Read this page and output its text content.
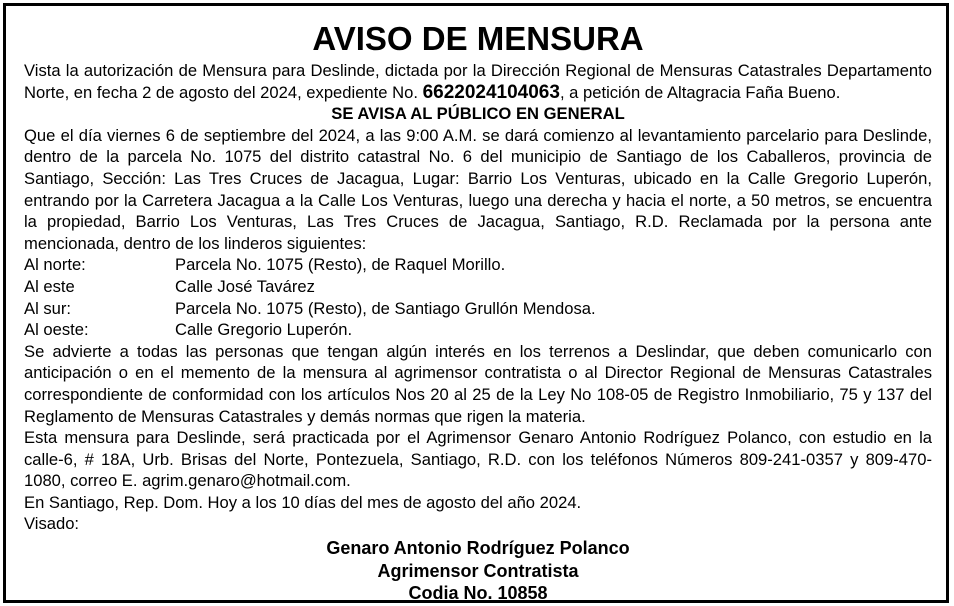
AVISO DE MENSURA

Vista la autorización de Mensura para Deslinde, dictada por la Dirección Regional de Mensuras Catastrales Departamento Norte, en fecha 2 de agosto del 2024, expediente No. 6622024104063, a petición de Altagracia Faña Bueno.

SE AVISA AL PÚBLICO EN GENERAL

Que el día viernes 6 de septiembre del 2024, a las 9:00 A.M. se dará comienzo al levantamiento parcelario para Deslinde, dentro de la parcela No. 1075 del distrito catastral No. 6 del municipio de Santiago de los Caballeros, provincia de Santiago, Sección: Las Tres Cruces de Jacagua, Lugar: Barrio Los Venturas, ubicado en la Calle Gregorio Luperón, entrando por la Carretera Jacagua a la Calle Los Venturas, luego una derecha y hacia el norte, a 50 metros, se encuentra la propiedad, Barrio Los Venturas, Las Tres Cruces de Jacagua, Santiago, R.D. Reclamada por la persona ante mencionada, dentro de los linderos siguientes:

Al norte:	Parcela No. 1075 (Resto), de Raquel Morillo.
Al este	Calle José Tavárez
Al sur:	Parcela No. 1075 (Resto), de Santiago Grullón Mendosa.
Al oeste:	Calle Gregorio Luperón.

Se advierte a todas las personas que tengan algún interés en los terrenos a Deslindar, que deben comunicarlo con anticipación o en el memento de la mensura al agrimensor contratista o al Director Regional de Mensuras Catastrales correspondiente de conformidad con los artículos Nos 20 al 25 de la Ley No 108-05 de Registro Inmobiliario, 75 y 137 del Reglamento de Mensuras Catastrales y demás normas que rigen la materia.

Esta mensura para Deslinde, será practicada por el Agrimensor Genaro Antonio Rodríguez Polanco, con estudio en la calle-6, # 18A, Urb. Brisas del Norte, Pontezuela, Santiago, R.D. con los teléfonos Números 809-241-0357 y 809-470-1080, correo E. agrim.genaro@hotmail.com.

En Santiago, Rep. Dom. Hoy a los 10 días del mes de agosto del año 2024.

Visado:

Genaro Antonio Rodríguez Polanco

Agrimensor Contratista

Codia No. 10858
